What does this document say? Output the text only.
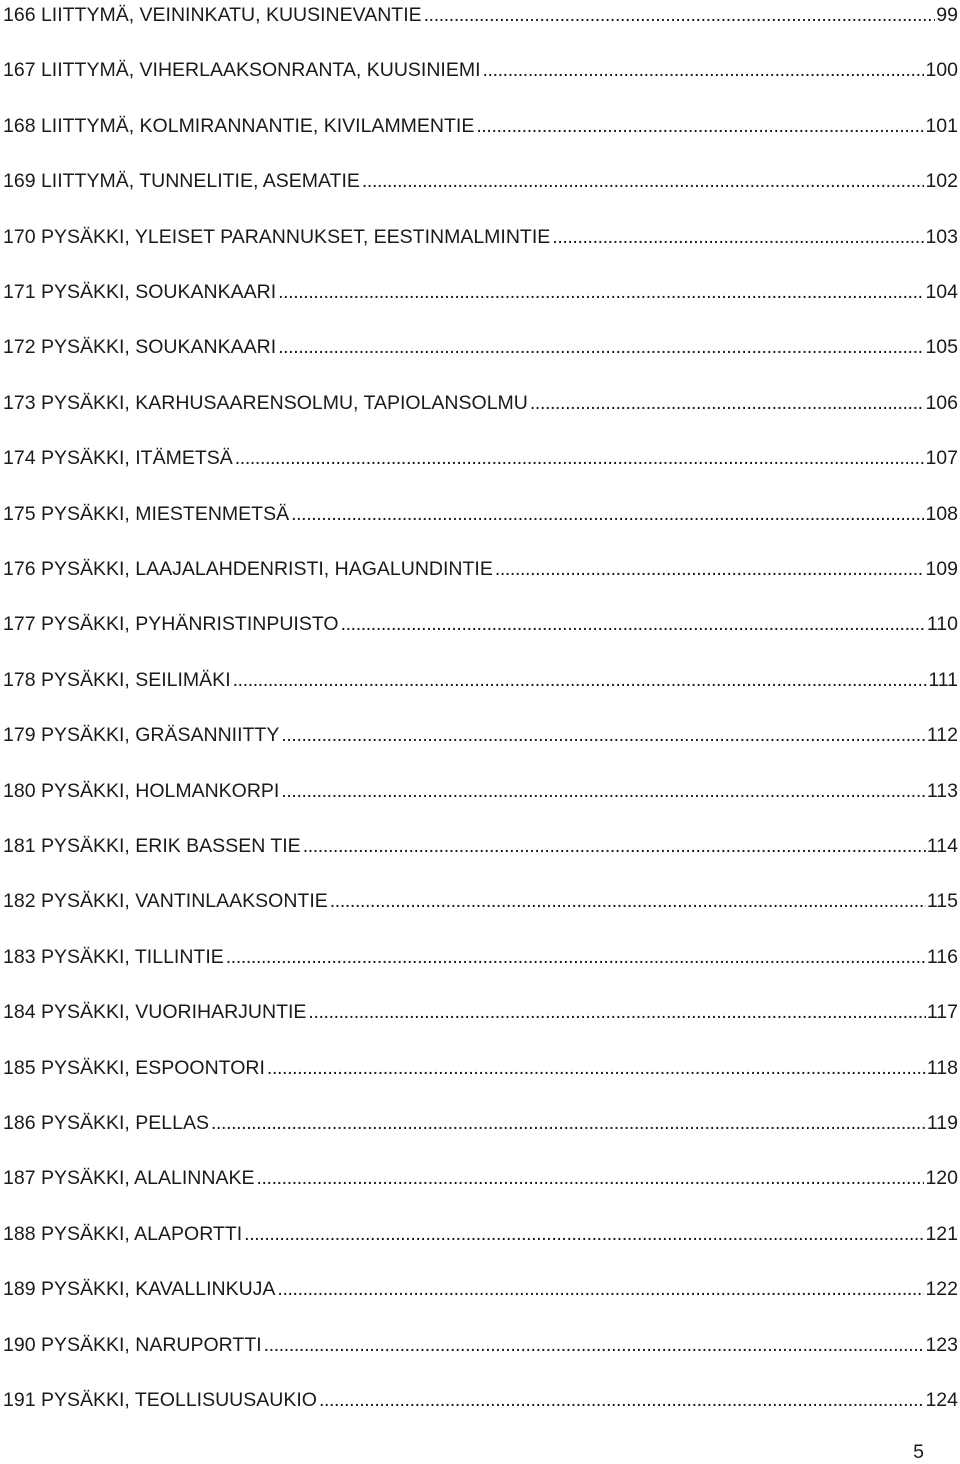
166 LIITTYMÄ, VEININKATU, KUUSINEVANTIE . . .	99
167 LIITTYMÄ, VIHERLAAKSONRANTA, KUUSINIEMI . . .	100
168 LIITTYMÄ, KOLMIRANNANTIE, KIVILAMMENTIE . . .	101
169 LIITTYMÄ, TUNNELITIE, ASEMATIE . . .	102
170 PYSÄKKI, YLEISET PARANNUKSET, EESTINMALMINTIE . . .	103
171 PYSÄKKI, SOUKANKAARI . . .	104
172 PYSÄKKI, SOUKANKAARI . . .	105
173 PYSÄKKI, KARHUSAARENSOLMU, TAPIOLANSOLMU . . .	106
174 PYSÄKKI, ITÄMETSÄ . . .	107
175 PYSÄKKI, MIESTENMETSÄ . . .	108
176 PYSÄKKI, LAAJALAHDENRISTI, HAGALUNDINTIE . . .	109
177 PYSÄKKI, PYHÄNRISTINPUISTO . . .	110
178 PYSÄKKI, SEILIMÄKI . . .	111
179 PYSÄKKI, GRÄSANNIITTY . . .	112
180 PYSÄKKI, HOLMANKORPI . . .	113
181 PYSÄKKI, ERIK BASSEN TIE . . .	114
182 PYSÄKKI, VANTINLAAKSONTIE . . .	115
183 PYSÄKKI, TILLINTIE . . .	116
184 PYSÄKKI, VUORIHARJUNTIE . . .	117
185 PYSÄKKI, ESPOONTORI . . .	118
186 PYSÄKKI, PELLAS . . .	119
187 PYSÄKKI, ALALINNAKE . . .	120
188 PYSÄKKI, ALAPORTTI . . .	121
189 PYSÄKKI, KAVALLINKUJA . . .	122
190 PYSÄKKI, NARUPORTTI . . .	123
191 PYSÄKKI, TEOLLISUUSAUKIO . . .	124
5
